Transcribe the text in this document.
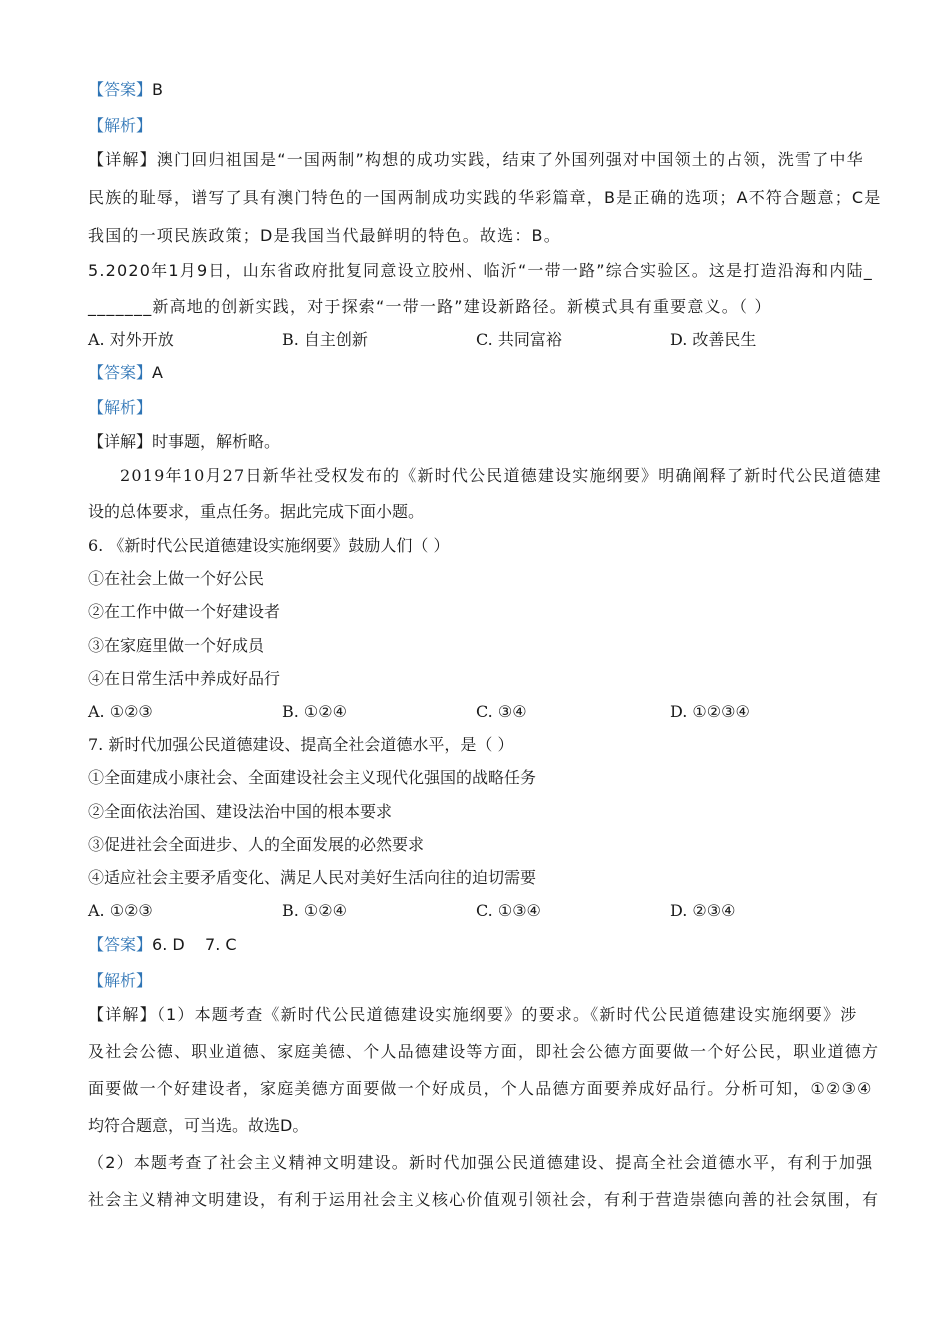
【答案】B
【解析】
【详解】澳门回归祖国是“一国两制”构想的成功实践，结束了外国列强对中国领土的占领，洗雪了中华
民族的耻辱，谱写了具有澳门特色的一国两制成功实践的华彩篇章，B是正确的选项；A不符合题意；C是
我国的一项民族政策；D是我国当代最鲜明的特色。故选：B。
5.2020年1月9日，山东省政府批复同意设立胶州、临沂“一带一路”综合实验区。这是打造沿海和内陆_
_______新高地的创新实践，对于探索“一带一路”建设新路径。新模式具有重要意义。（ ）
A. 对外开放	B. 自主创新	C. 共同富裕	D. 改善民生
【答案】A
【解析】
【详解】时事题，解析略。
2019年10月27日新华社受权发布的《新时代公民道德建设实施纲要》明确阐释了新时代公民道德建
设的总体要求，重点任务。据此完成下面小题。
6. 《新时代公民道德建设实施纲要》鼓励人们（ ）
①在社会上做一个好公民
②在工作中做一个好建设者
③在家庭里做一个好成员
④在日常生活中养成好品行
A. ①②③	B. ①②④	C. ③④	D. ①②③④
7. 新时代加强公民道德建设、提高全社会道德水平，是（ ）
①全面建成小康社会、全面建设社会主义现代化强国的战略任务
②全面依法治国、建设法治中国的根本要求
③促进社会全面进步、人的全面发展的必然要求
④适应社会主要矛盾变化、满足人民对美好生活向往的迫切需要
A. ①②③	B. ①②④	C. ①③④	D. ②③④
【答案】6. D    7. C
【解析】
【详解】（1）本题考查《新时代公民道德建设实施纲要》的要求。《新时代公民道德建设实施纲要》涉
及社会公德、职业道德、家庭美德、个人品德建设等方面，即社会公德方面要做一个好公民，职业道德方
面要做一个好建设者，家庭美德方面要做一个好成员，个人品德方面要养成好品行。分析可知，①②③④
均符合题意，可当选。故选D。
（2）本题考查了社会主义精神文明建设。新时代加强公民道德建设、提高全社会道德水平，有利于加强
社会主义精神文明建设，有利于运用社会主义核心价值观引领社会，有利于营造崇德向善的社会氛围，有
